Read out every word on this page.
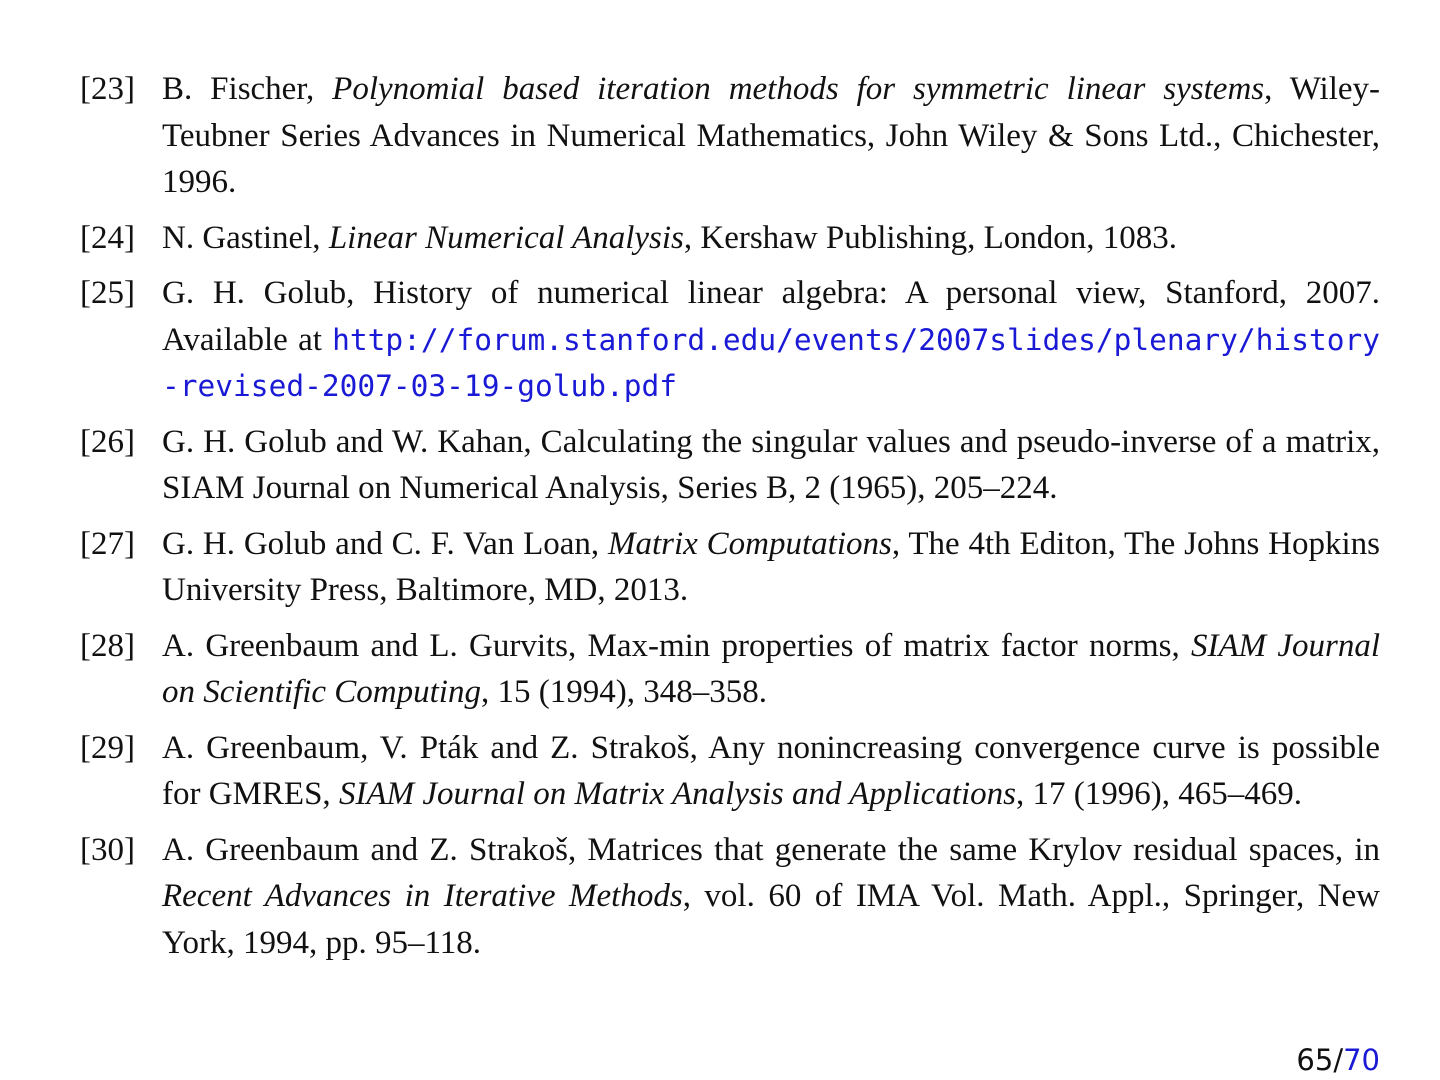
[23] B. Fischer, Polynomial based iteration methods for symmetric linear systems, Wiley-Teubner Series Advances in Numerical Mathematics, John Wiley & Sons Ltd., Chichester, 1996.
[24] N. Gastinel, Linear Numerical Analysis, Kershaw Publishing, London, 1083.
[25] G. H. Golub, History of numerical linear algebra: A personal view, Stanford, 2007. Available at http://forum.stanford.edu/events/2007slides/plenary/history-revised-2007-03-19-golub.pdf
[26] G. H. Golub and W. Kahan, Calculating the singular values and pseudo-inverse of a matrix, SIAM Journal on Numerical Analysis, Series B, 2 (1965), 205–224.
[27] G. H. Golub and C. F. Van Loan, Matrix Computations, The 4th Editon, The Johns Hopkins University Press, Baltimore, MD, 2013.
[28] A. Greenbaum and L. Gurvits, Max-min properties of matrix factor norms, SIAM Journal on Scientific Computing, 15 (1994), 348–358.
[29] A. Greenbaum, V. Pták and Z. Strakoš, Any nonincreasing convergence curve is possible for GMRES, SIAM Journal on Matrix Analysis and Applications, 17 (1996), 465–469.
[30] A. Greenbaum and Z. Strakoš, Matrices that generate the same Krylov residual spaces, in Recent Advances in Iterative Methods, vol. 60 of IMA Vol. Math. Appl., Springer, New York, 1994, pp. 95–118.
65/70
